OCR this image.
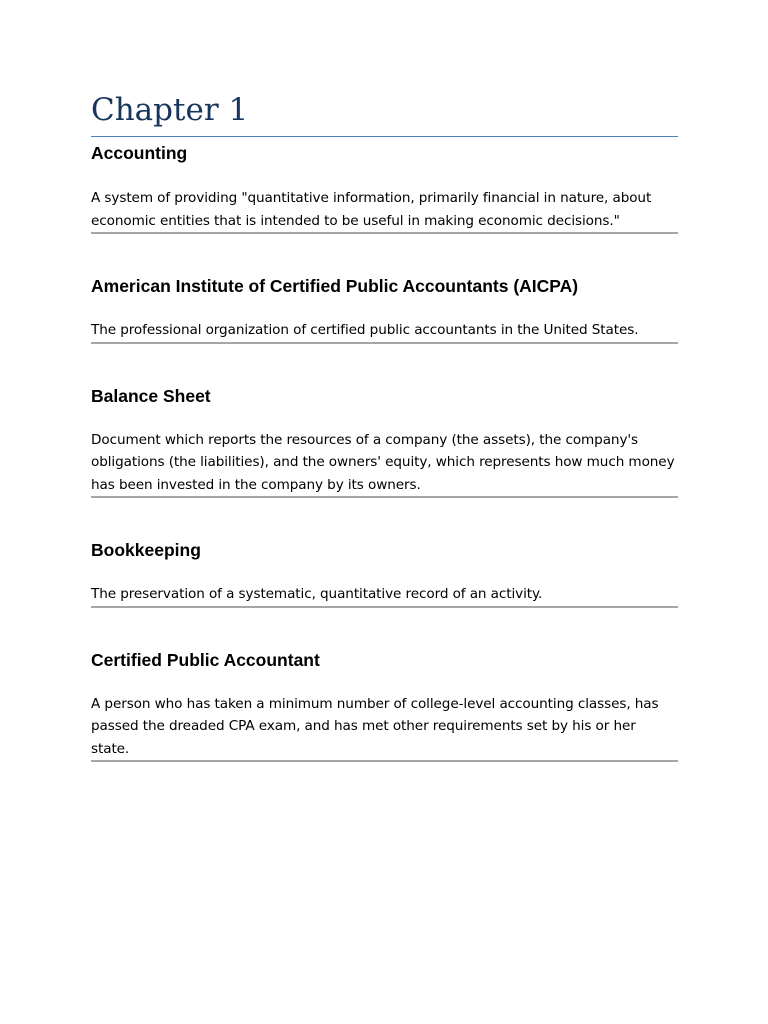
Chapter 1
Accounting

A system of providing "quantitative information, primarily financial in nature, about economic entities that is intended to be useful in making economic decisions."

American Institute of Certified Public Accountants (AICPA)

The professional organization of certified public accountants in the United States.

Balance Sheet

Document which reports the resources of a company (the assets), the company's obligations (the liabilities), and the owners' equity, which represents how much money has been invested in the company by its owners.

Bookkeeping

The preservation of a systematic, quantitative record of an activity.

Certified Public Accountant

A person who has taken a minimum number of college-level accounting classes, has passed the dreaded CPA exam, and has met other requirements set by his or her state.
